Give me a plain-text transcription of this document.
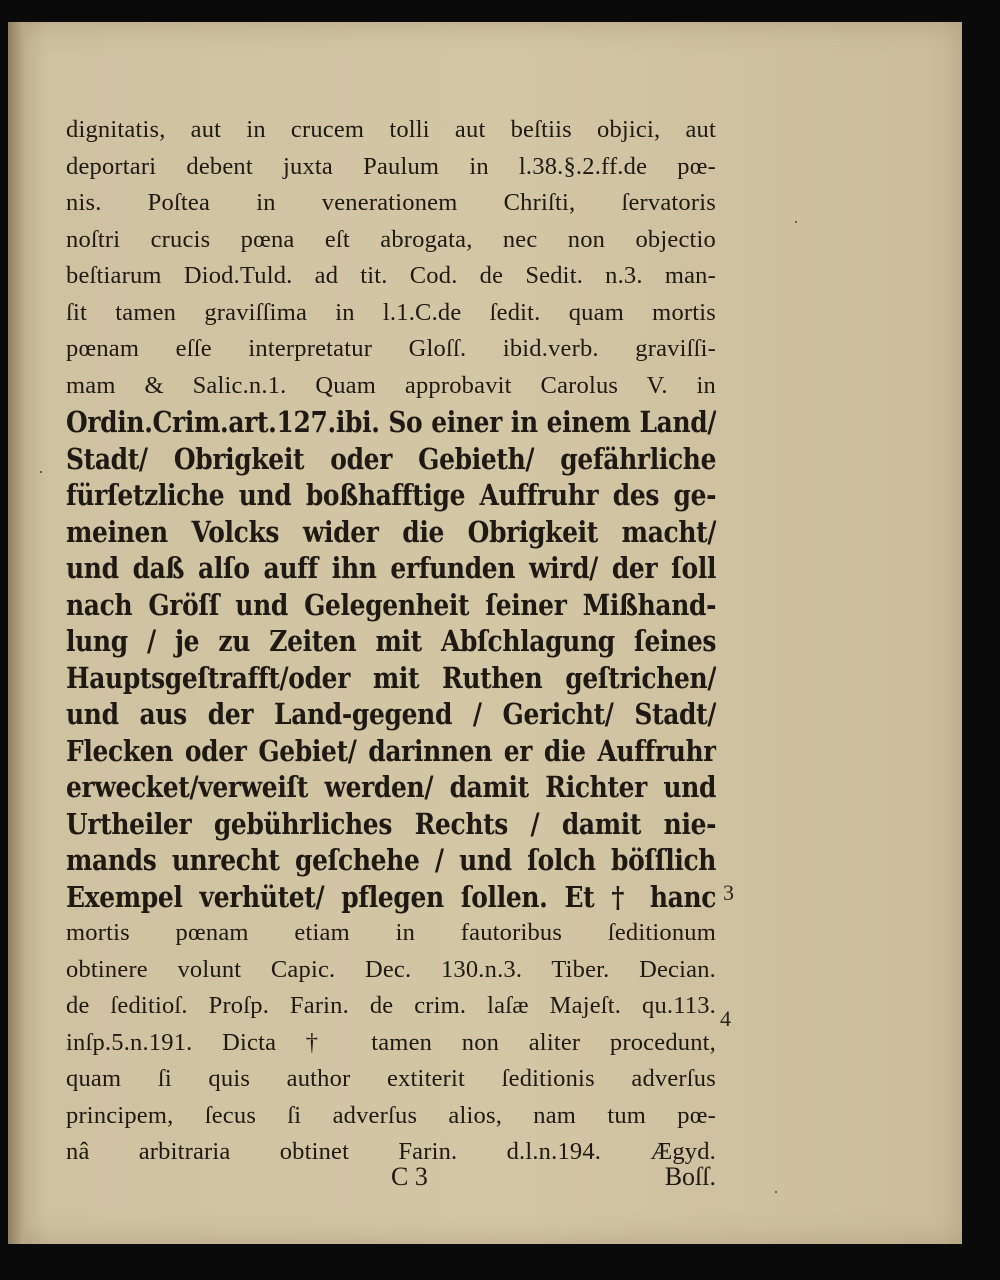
dignitatis, aut in crucem tolli aut beſtiis objici, aut
deportari debent juxta Paulum in l.38.§.2.ff.de pœ-
nis. Poſtea in venerationem Chriſti, ſervatoris
noſtri crucis pœna eſt abrogata, nec non objectio
beſtiarum Diod.Tuld. ad tit. Cod. de Sedit. n.3. man-
ſit tamen graviſſima in l.1.C.de ſedit. quam mortis
pœnam eſſe interpretatur Gloſſ. ibid.verb. graviſſi-
mam & Salic.n.1. Quam approbavit Carolus V. in
Ordin.Crim.art.127.ibi. So einer in einem Land/
Stadt/ Obrigkeit oder Gebieth/ gefährliche
fürſetzliche und boßhafftige Auffruhr des ge-
meinen Volcks wider die Obrigkeit macht/
und daß alſo auff ihn erfunden wird/ der ſoll
nach Gröſſ und Gelegenheit ſeiner Mißhand-
lung / je zu Zeiten mit Abſchlagung ſeines
Hauptsgeſtrafft/oder mit Ruthen geſtrichen/
und aus der Land-gegend / Gericht/ Stadt/
Flecken oder Gebiet/ darinnen er die Auffruhr
erwecket/verweiſt werden/ damit Richter und
Urtheiler gebührliches Rechts / damit nie-
mands unrecht geſchehe / und ſolch böſſlich
Exempel verhütet/ pflegen ſollen. Et † hanc
mortis pœnam etiam in fautoribus ſeditionum
obtinere volunt Capic. Dec. 130.n.3. Tiber. Decian.
de ſeditioſ. Proſp. Farin. de crim. laſæ Majeſt. qu.113.
inſp.5.n.191. Dicta † tamen non aliter procedunt,
quam ſi quis author extiterit ſeditionis adverſus
principem, ſecus ſi adverſus alios, nam tum pœ-
nâ arbitraria obtinet Farin. d.l.n.194. Ægyd.
C 3	Boſſ.
3
4
·
·
·
